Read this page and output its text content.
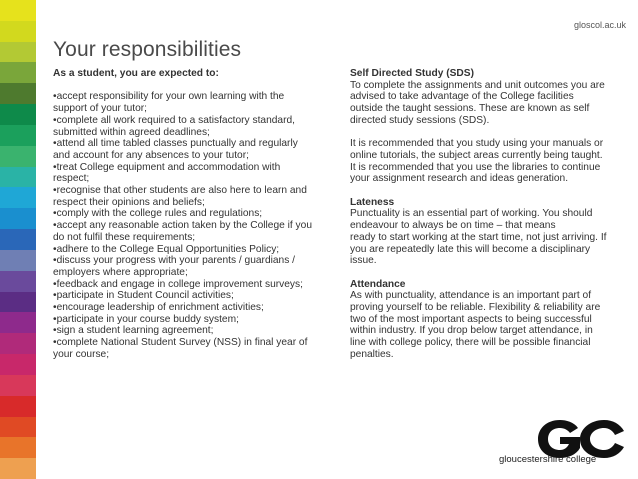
gloscol.ac.uk
Your responsibilities
As a student, you are expected to:
•accept responsibility for your own learning with the
support of your tutor;
•complete all work required to a satisfactory standard,
submitted within agreed deadlines;
•attend all time tabled classes punctually and regularly
and account for any absences to your tutor;
•treat College equipment and accommodation with
respect;
•recognise that other students are also here to learn and
respect their opinions and beliefs;
•comply with the college rules and regulations;
•accept any reasonable action taken by the College if you
do not fulfil these requirements;
•adhere to the College Equal Opportunities Policy;
•discuss your progress with your parents / guardians /
employers where appropriate;
•feedback and engage in college improvement surveys;
•participate in Student Council activities;
•encourage leadership of enrichment activities;
•participate in your course buddy system;
•sign a student learning agreement;
•complete National Student Survey (NSS) in final year of
your course;
Self Directed Study (SDS)
To complete the assignments and unit outcomes you are
advised to take advantage of the College facilities
outside the taught sessions. These are known as self
directed study sessions (SDS).
It is recommended that you study using your manuals or
online tutorials, the subject areas currently being taught.
It is recommended that you use the libraries to continue
your assignment research and ideas generation.
Lateness
Punctuality is an essential part of working. You should
endeavour to always be on time – that means
ready to start working at the start time, not just arriving. If
you are repeatedly late this will become a disciplinary
issue.
Attendance
As with punctuality, attendance is an important part of
proving yourself to be reliable. Flexibility & reliability are
two of the most important aspects to being successful
within industry. If you drop below target attendance, in
line with college policy, there will be possible financial
penalties.
gloucestershire college
